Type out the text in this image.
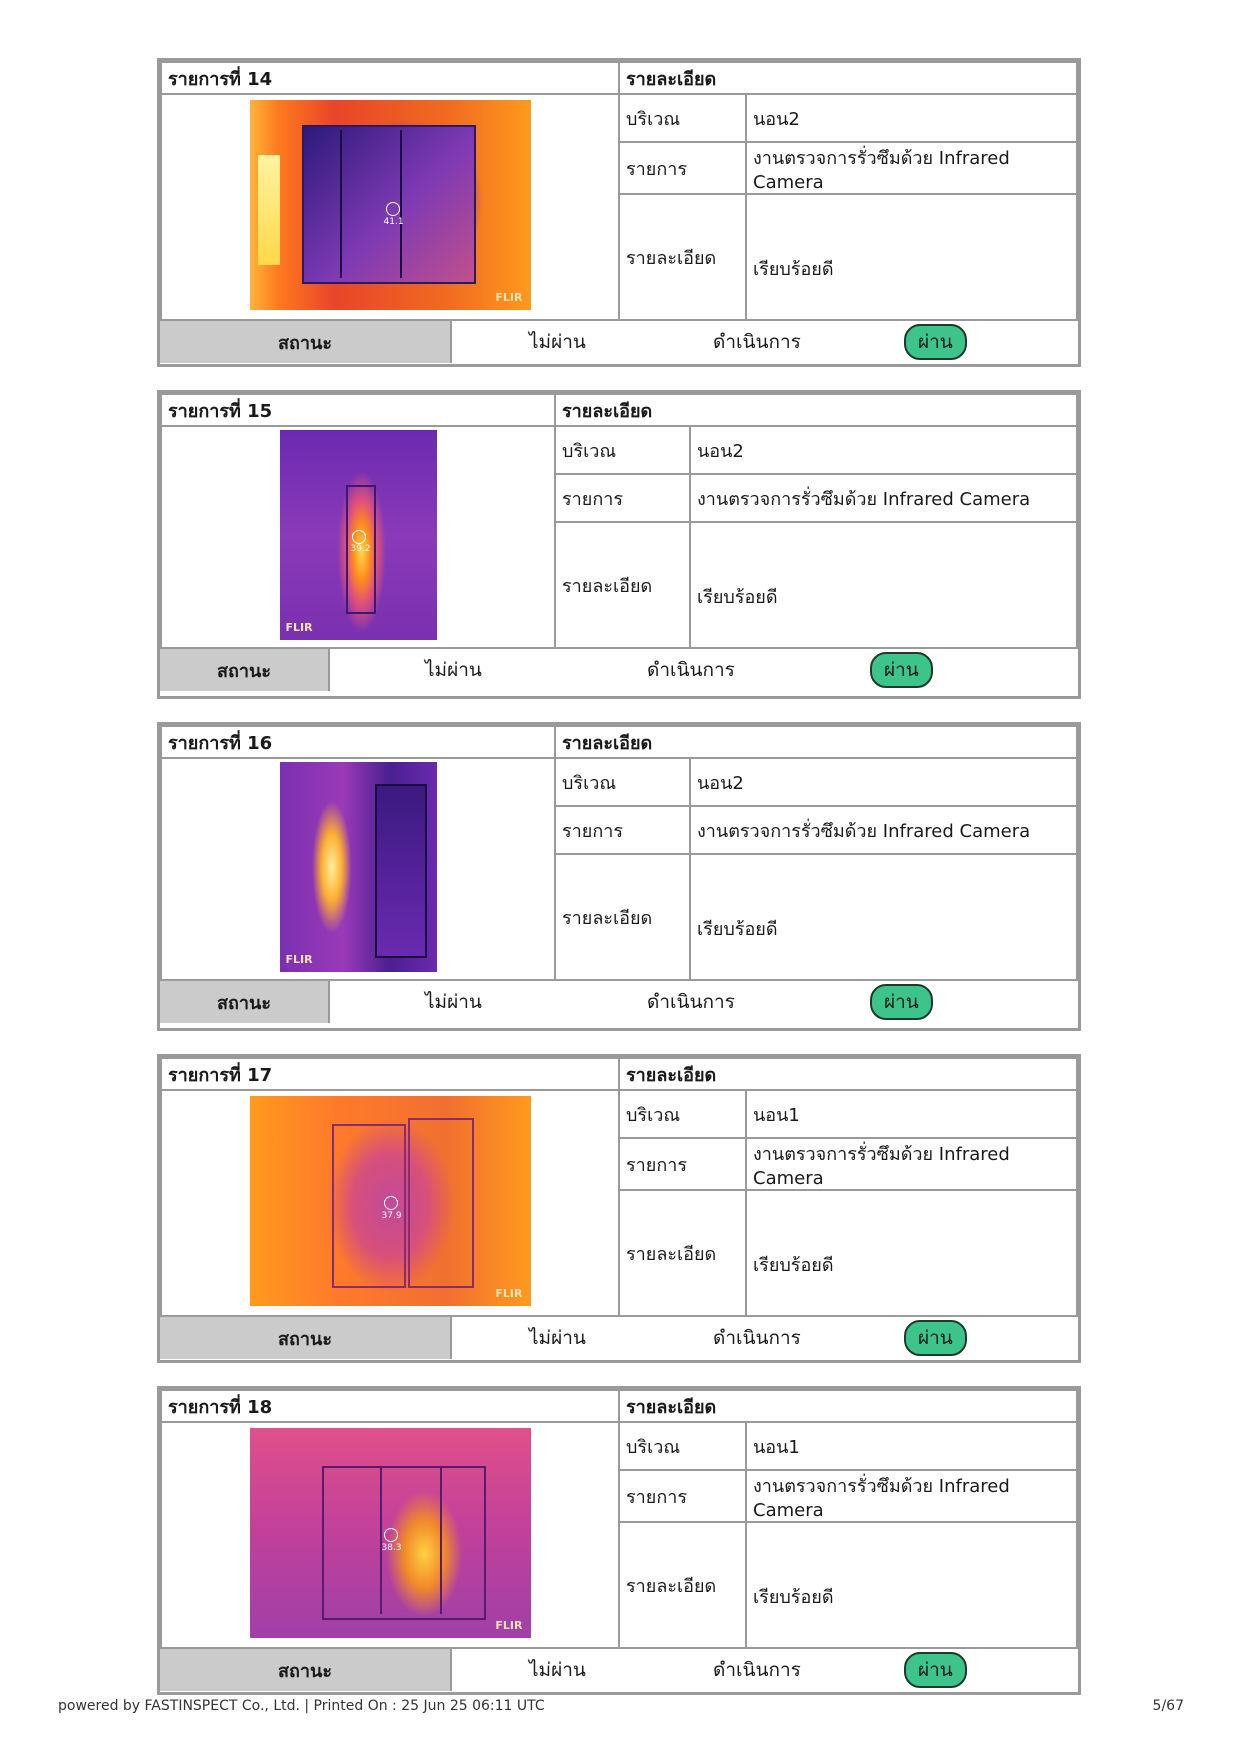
รายการที่ 14	รายละเอียด	

41.1
FLIR	บริเวณ	นอน2
	รายการ	งานตรวจการรั่วซึมด้วย Infrared Camera
	รายละเอียด	เรียบร้อยดี
สถานะ	ไม่ผ่าน	ดำเนินการ	ผ่าน
รายการที่ 15	รายละเอียด	

39.2
FLIR	บริเวณ	นอน2
	รายการ	งานตรวจการรั่วซึมด้วย Infrared Camera
	รายละเอียด	เรียบร้อยดี
สถานะ	ไม่ผ่าน	ดำเนินการ	ผ่าน
รายการที่ 16	รายละเอียด	

FLIR	บริเวณ	นอน2
	รายการ	งานตรวจการรั่วซึมด้วย Infrared Camera
	รายละเอียด	เรียบร้อยดี
สถานะ	ไม่ผ่าน	ดำเนินการ	ผ่าน
รายการที่ 17	รายละเอียด	

37.9
FLIR	บริเวณ	นอน1
	รายการ	งานตรวจการรั่วซึมด้วย Infrared Camera
	รายละเอียด	เรียบร้อยดี
สถานะ	ไม่ผ่าน	ดำเนินการ	ผ่าน
รายการที่ 18	รายละเอียด	

38.3
FLIR	บริเวณ	นอน1
	รายการ	งานตรวจการรั่วซึมด้วย Infrared Camera
	รายละเอียด	เรียบร้อยดี
สถานะ	ไม่ผ่าน	ดำเนินการ	ผ่าน
powered by FASTINSPECT Co., Ltd. | Printed On : 25 Jun 25 06:11 UTC	5/67
